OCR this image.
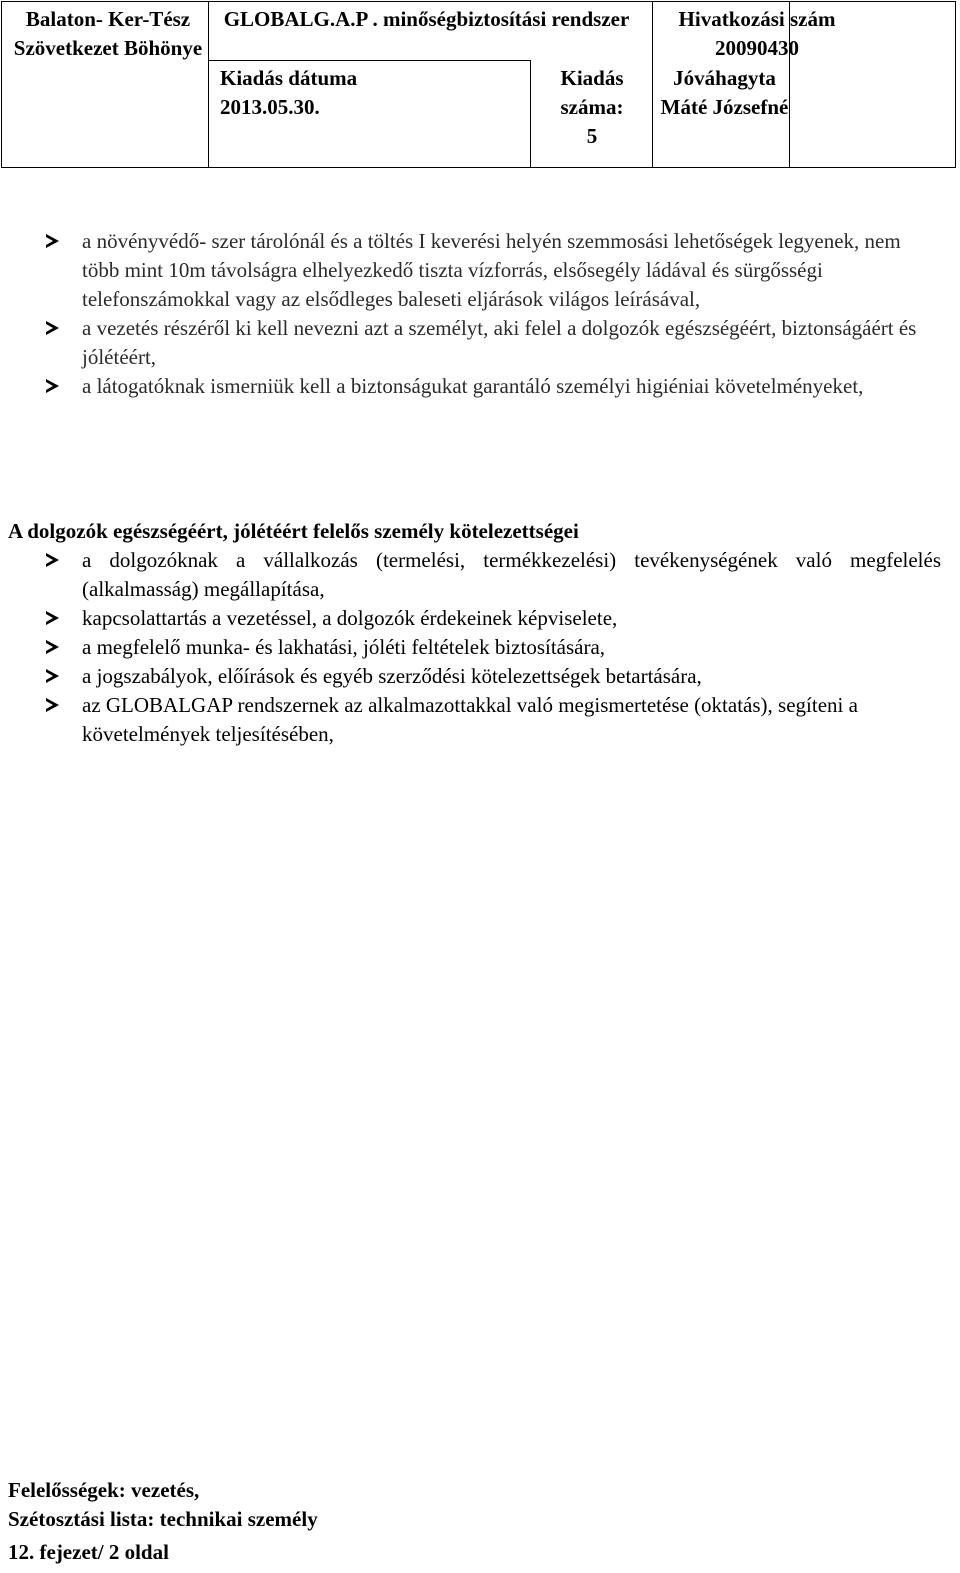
Balaton- Ker-Tész Szövetkezet Böhönye
GLOBALG.A.P . minőségbiztosítási rendszer
Kiadás dátuma
2013.05.30.
Kiadás száma:
5
Hivatkozási szám
20090430
Jóváhagyta
Máté Józsefné
a növényvédő- szer tárolónál és a töltés I keverési helyén szemmosási lehetőségek legyenek, nem több mint 10m távolságra elhelyezkedő tiszta vízforrás, elsősegély ládával és sürgősségi telefonszámokkal vagy az elsődleges baleseti eljárások világos leírásával,
a vezetés részéről ki kell nevezni azt a személyt, aki felel a dolgozók egészségéért, biztonságáért és jólétéért,
a látogatóknak ismerniük kell a biztonságukat garantáló személyi higiéniai követelményeket,
A dolgozók egészségéért, jólétéért felelős személy kötelezettségei
a dolgozóknak a vállalkozás (termelési, termékkezelési) tevékenységének való megfelelés (alkalmasság) megállapítása,
kapcsolattartás a vezetéssel, a dolgozók érdekeinek képviselete,
a megfelelő munka- és lakhatási, jóléti feltételek biztosítására,
a jogszabályok, előírások és egyéb szerződési kötelezettségek betartására,
az GLOBALGAP rendszernek az alkalmazottakkal való megismertetése (oktatás), segíteni a követelmények teljesítésében,
Felelősségek: vezetés,
Szétosztási lista: technikai személy
12. fejezet/ 2 oldal
